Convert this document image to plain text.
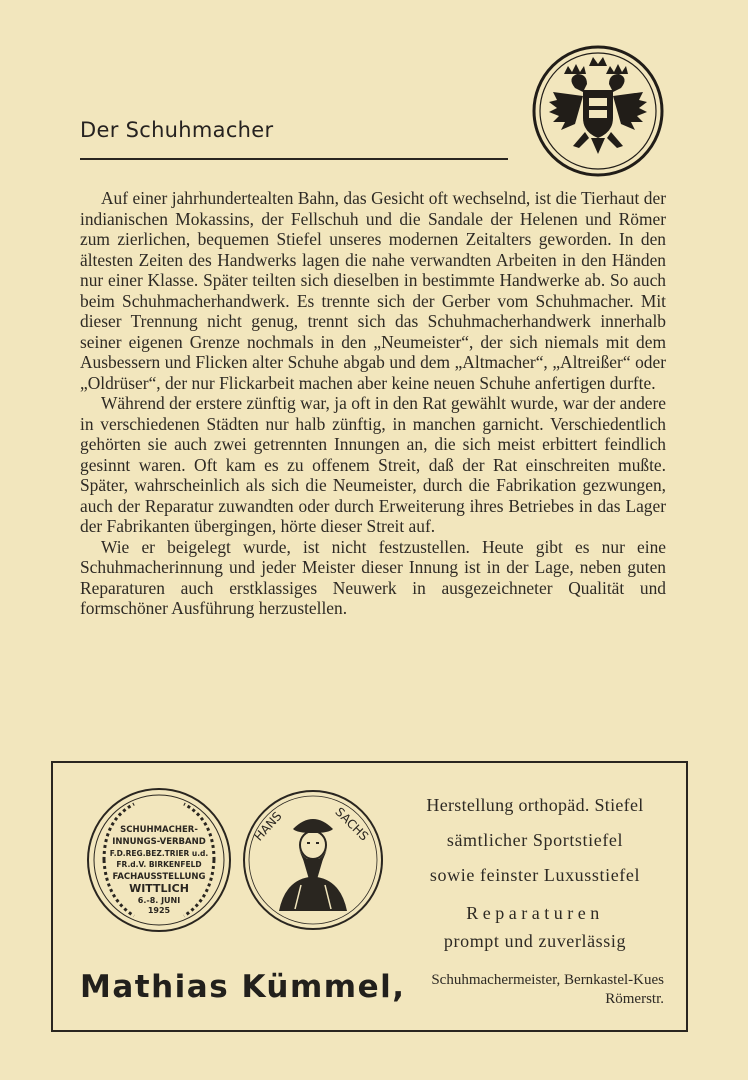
Der Schuhmacher

Auf einer jahrhundertealten Bahn, das Gesicht oft wechselnd, ist die Tierhaut der indianischen Mokassins, der Fellschuh und die Sandale der Helenen und Römer zum zierlichen, bequemen Stiefel unseres modernen Zeitalters geworden. In den ältesten Zeiten des Handwerks lagen die nahe verwandten Arbeiten in den Händen nur einer Klasse. Später teilten sich dieselben in bestimmte Handwerke ab. So auch beim Schuhmacherhandwerk. Es trennte sich der Gerber vom Schuhmacher. Mit dieser Trennung nicht genug, trennt sich das Schuhmacherhandwerk innerhalb seiner eigenen Grenze nochmals in den „Neumeister“, der sich niemals mit dem Ausbessern und Flicken alter Schuhe abgab und dem „Altmacher“, „Altreißer“ oder „Oldrüser“, der nur Flickarbeit machen aber keine neuen Schuhe anfertigen durfte.

Während der erstere zünftig war, ja oft in den Rat gewählt wurde, war der andere in verschiedenen Städten nur halb zünftig, in manchen garnicht. Verschiedentlich gehörten sie auch zwei getrennten Innungen an, die sich meist erbittert feindlich gesinnt waren. Oft kam es zu offenem Streit, daß der Rat einschreiten mußte. Später, wahrscheinlich als sich die Neumeister, durch die Fabrikation gezwungen, auch der Reparatur zuwandten oder durch Erweiterung ihres Betriebes in das Lager der Fabrikanten übergingen, hörte dieser Streit auf.

Wie er beigelegt wurde, ist nicht festzustellen. Heute gibt es nur eine Schuhmacherinnung und jeder Meister dieser Innung ist in der Lage, neben guten Reparaturen auch erstklassiges Neuwerk in ausgezeichneter Qualität und formschöner Ausführung herzustellen.

SCHUHMACHER-
INNUNGS-VERBAND
F.D.REG.BEZ.TRIER u.d.
FR.d.V. BIRKENFELD
FACHAUSSTELLUNG
WITTLICH
6.-8. JUNI
1925
HANS	SACHS	Herstellung orthopäd. Stiefel
sämtlicher Sportstiefel
sowie feinster Luxusstiefel
Reparaturen
prompt und zuverlässig
Mathias Kümmel, Schuhmachermeister, Bernkastel-Kues
Römerstr.
